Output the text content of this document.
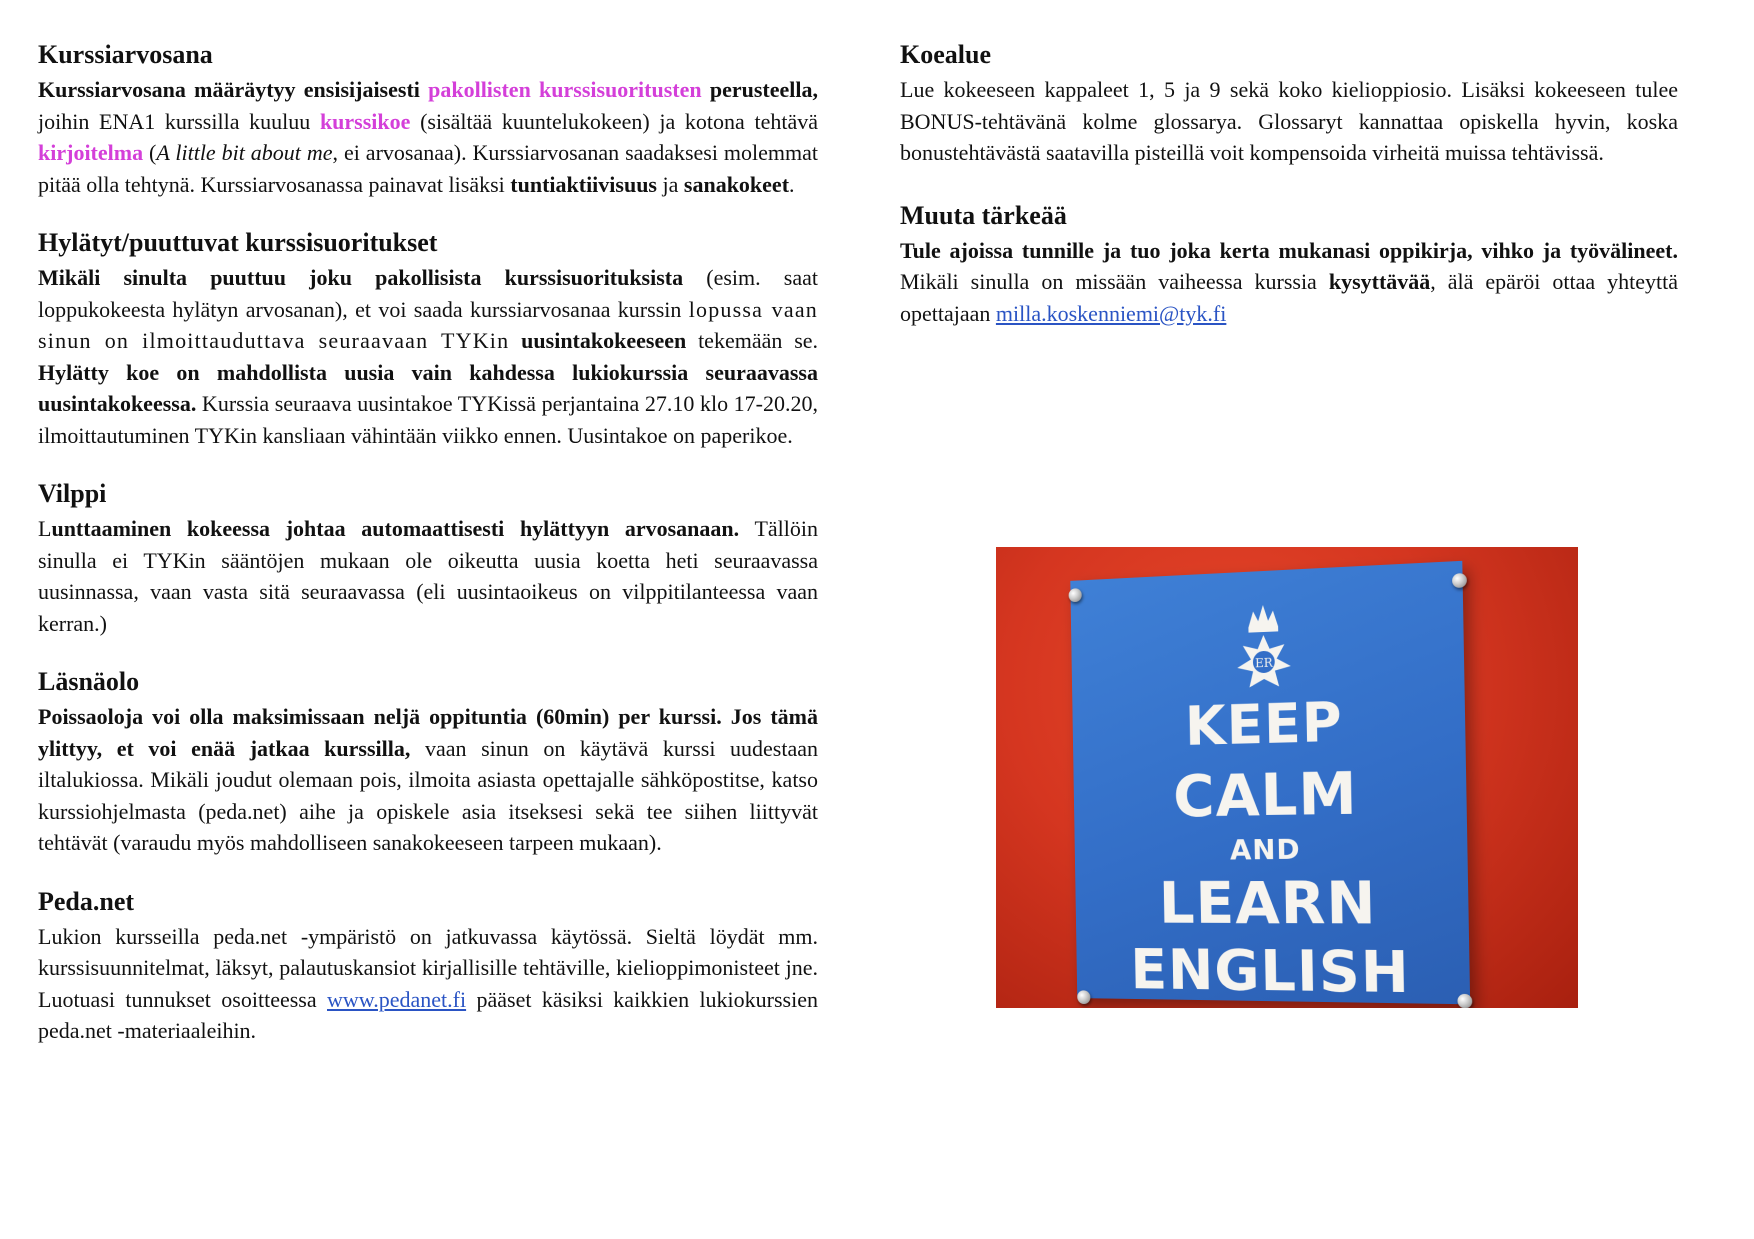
Kurssiarvosana

Kurssiarvosana määräytyy ensisijaisesti pakollisten kurssisuoritusten perusteella, joihin ENA1 kurssilla kuuluu kurssikoe (sisältää kuuntelukokeen) ja kotona tehtävä kirjoitelma (A little bit about me, ei arvosanaa). Kurssiarvosanan saadaksesi molemmat pitää olla tehtynä. Kurssiarvosanassa painavat lisäksi tuntiaktiivisuus ja sanakokeet.

Hylätyt/puuttuvat kurssisuoritukset

Mikäli sinulta puuttuu joku pakollisista kurssisuorituksista (esim. saat loppukokeesta hylätyn arvosanan), et voi saada kurssiarvosanaa kurssin lopussa vaan sinun on ilmoittauduttava seuraavaan TYKin uusintakokeeseen tekemään se. Hylätty koe on mahdollista uusia vain kahdessa lukiokurssia seuraavassa uusintakokeessa. Kurssia seuraava uusintakoe TYKissä perjantaina 27.10 klo 17-20.20, ilmoittautuminen TYKin kansliaan vähintään viikko ennen. Uusintakoe on paperikoe.

Vilppi

Lunttaaminen kokeessa johtaa automaattisesti hylättyyn arvosanaan. Tällöin sinulla ei TYKin sääntöjen mukaan ole oikeutta uusia koetta heti seuraavassa uusinnassa, vaan vasta sitä seuraavassa (eli uusintaoikeus on vilppitilanteessa vaan kerran.)

Läsnäolo

Poissaoloja voi olla maksimissaan neljä oppituntia (60min) per kurssi. Jos tämä ylittyy, et voi enää jatkaa kurssilla, vaan sinun on käytävä kurssi uudestaan iltalukiossa. Mikäli joudut olemaan pois, ilmoita asiasta opettajalle sähköpostitse, katso kurssiohjelmasta (peda.net) aihe ja opiskele asia itseksesi sekä tee siihen liittyvät tehtävät (varaudu myös mahdolliseen sanakokeeseen tarpeen mukaan).

Peda.net

Lukion kursseilla peda.net -ympäristö on jatkuvassa käytössä. Sieltä löydät mm. kurssisuunnitelmat, läksyt, palautuskansiot kirjallisille tehtäville, kielioppimonisteet jne. Luotuasi tunnukset osoitteessa www.pedanet.fi pääset käsiksi kaikkien lukiokurssien peda.net -materiaaleihin.

Koealue

Lue kokeeseen kappaleet 1, 5 ja 9 sekä koko kielioppiosio. Lisäksi kokeeseen tulee BONUS-tehtävänä kolme glossarya. Glossaryt kannattaa opiskella hyvin, koska bonustehtävästä saatavilla pisteillä voit kompensoida virheitä muissa tehtävissä.

Muuta tärkeää

Tule ajoissa tunnille ja tuo joka kerta mukanasi oppikirja, vihko ja työvälineet. Mikäli sinulla on missään vaiheessa kurssia kysyttävää, älä epäröi ottaa yhteyttä opettajaan milla.koskenniemi@tyk.fi

ER
KEEP
CALM
AND
LEARN
ENGLISH
